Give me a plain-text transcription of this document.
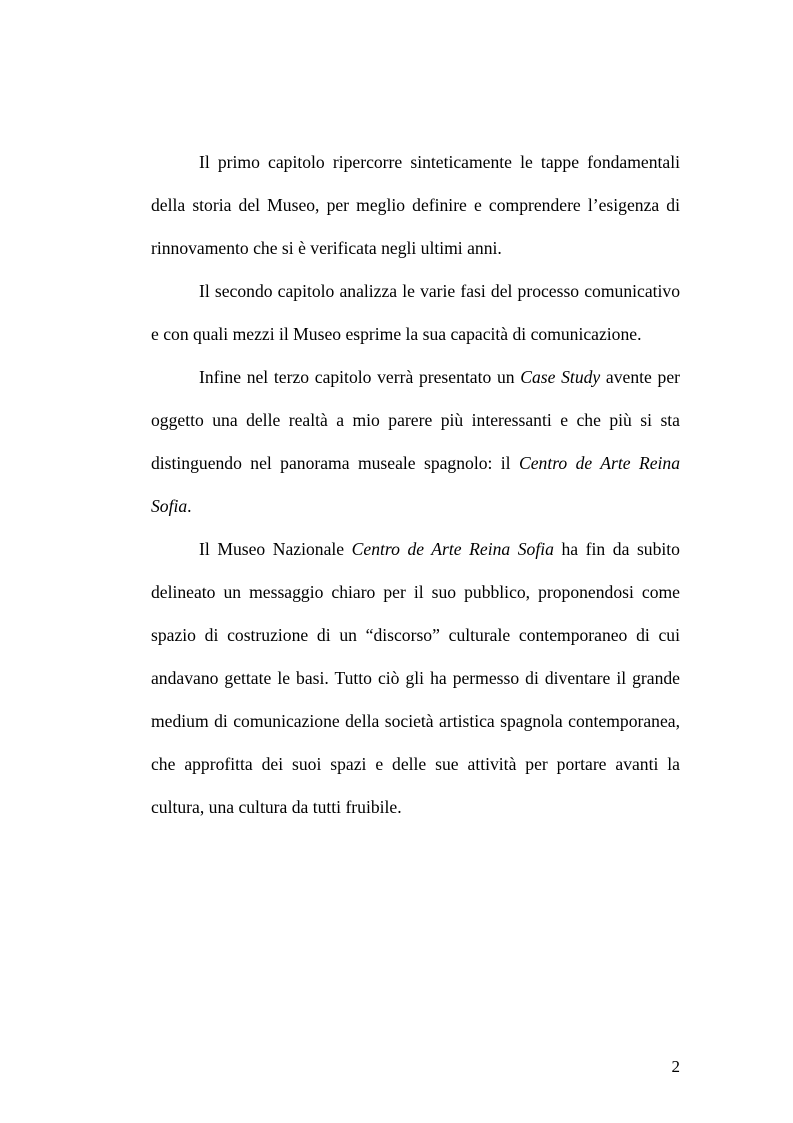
Il primo capitolo ripercorre sinteticamente le tappe fondamentali della storia del Museo, per meglio definire e comprendere l’esigenza di rinnovamento che si è verificata negli ultimi anni.

Il secondo capitolo analizza le varie fasi del processo comunicativo e con quali mezzi il Museo esprime la sua capacità di comunicazione.

Infine nel terzo capitolo verrà presentato un Case Study avente per oggetto una delle realtà a mio parere più interessanti e che più si sta distinguendo nel panorama museale spagnolo: il Centro de Arte Reina Sofia.

Il Museo Nazionale Centro de Arte Reina Sofia ha fin da subito delineato un messaggio chiaro per il suo pubblico, proponendosi come spazio di costruzione di un “discorso” culturale contemporaneo di cui andavano gettate le basi. Tutto ciò gli ha permesso di diventare il grande medium di comunicazione della società artistica spagnola contemporanea, che approfitta dei suoi spazi e delle sue attività per portare avanti la cultura, una cultura da tutti fruibile.

2
